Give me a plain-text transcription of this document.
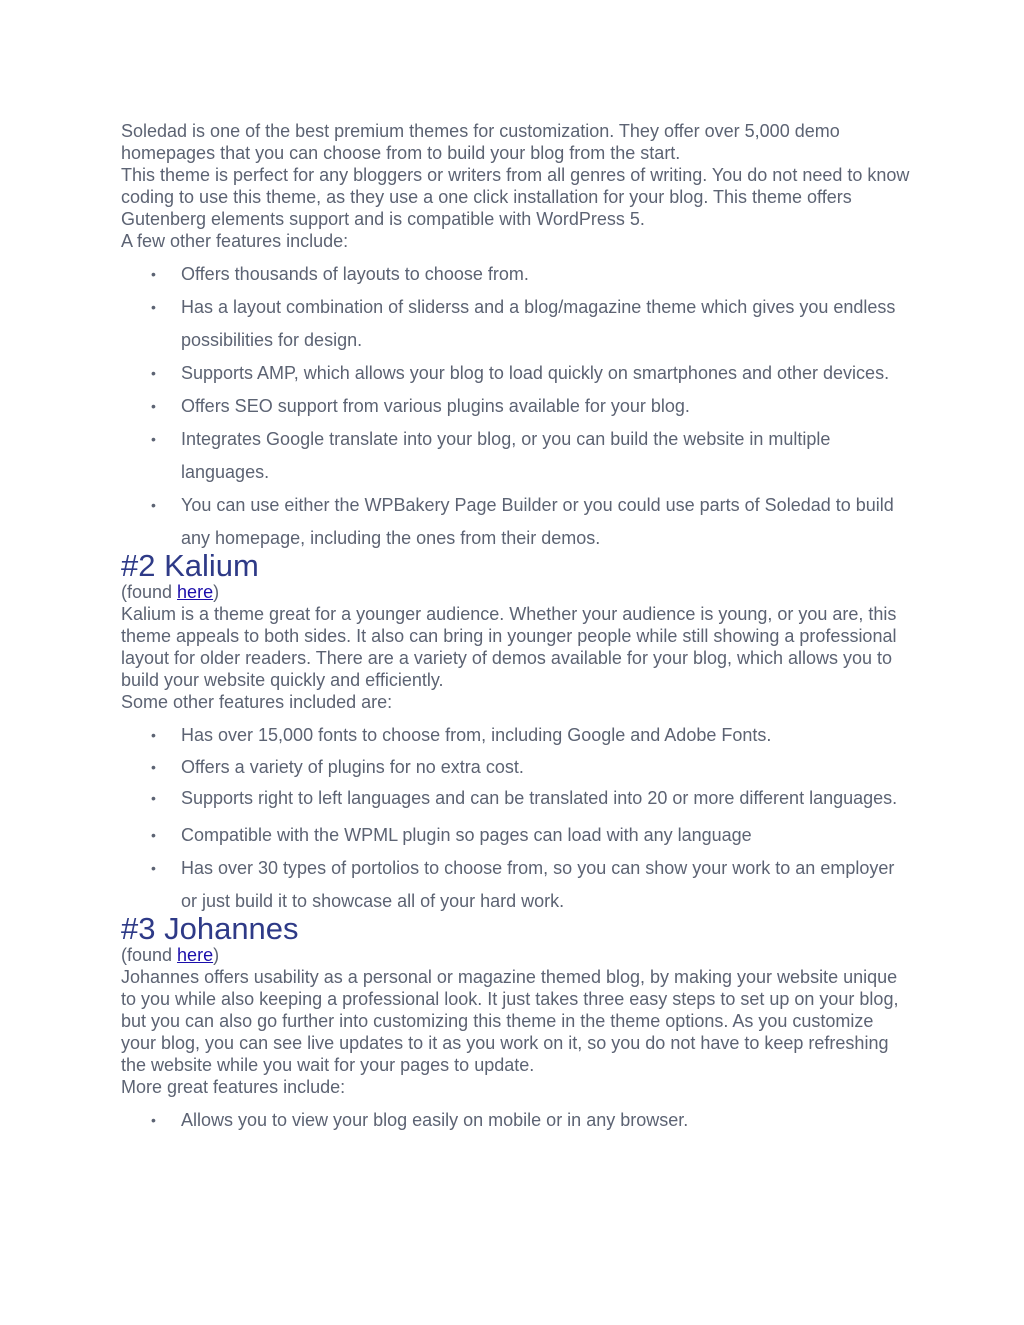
Soledad is one of the best premium themes for customization. They offer over 5,000 demo homepages that you can choose from to build your blog from the start.

This theme is perfect for any bloggers or writers from all genres of writing. You do not need to know coding to use this theme, as they use a one click installation for your blog. This theme offers Gutenberg elements support and is compatible with WordPress 5.

A few other features include:

• Offers thousands of layouts to choose from.
• Has a layout combination of sliderss and a blog/magazine theme which gives you endless possibilities for design.
• Supports AMP, which allows your blog to load quickly on smartphones and other devices.
• Offers SEO support from various plugins available for your blog.
• Integrates Google translate into your blog, or you can build the website in multiple languages.
• You can use either the WPBakery Page Builder or you could use parts of Soledad to build any homepage, including the ones from their demos.
#2 Kalium
(found here)

Kalium is a theme great for a younger audience. Whether your audience is young, or you are, this theme appeals to both sides. It also can bring in younger people while still showing a professional layout for older readers. There are a variety of demos available for your blog, which allows you to build your website quickly and efficiently.

Some other features included are:

• Has over 15,000 fonts to choose from, including Google and Adobe Fonts.
• Offers a variety of plugins for no extra cost.
• Supports right to left languages and can be translated into 20 or more different languages.
• Compatible with the WPML plugin so pages can load with any language
• Has over 30 types of portolios to choose from, so you can show your work to an employer or just build it to showcase all of your hard work.
#3 Johannes
(found here)

Johannes offers usability as a personal or magazine themed blog, by making your website unique to you while also keeping a professional look. It just takes three easy steps to set up on your blog, but you can also go further into customizing this theme in the theme options. As you customize your blog, you can see live updates to it as you work on it, so you do not have to keep refreshing the website while you wait for your pages to update.

More great features include:

• Allows you to view your blog easily on mobile or in any browser.
